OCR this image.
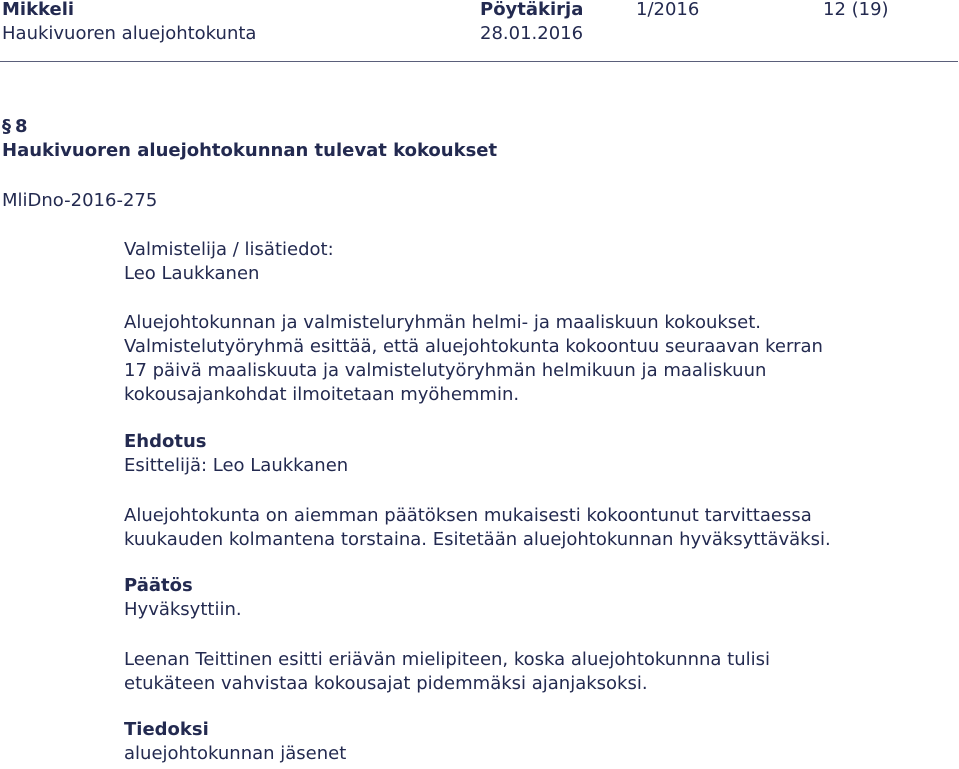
Mikkeli	Pöytäkirja	1/2016	12 (19)
Haukivuoren aluejohtokunta	28.01.2016
§ 8
Haukivuoren aluejohtokunnan tulevat kokoukset
MliDno-2016-275

Valmistelija / lisätiedot:

Leo Laukkanen

Aluejohtokunnan ja valmisteluryhmän helmi- ja maaliskuun kokoukset.

Valmistelutyöryhmä esittää, että aluejohtokunta kokoontuu seuraavan kerran

17 päivä maaliskuuta ja valmistelutyöryhmän helmikuun ja maaliskuun

kokousajankohdat ilmoitetaan myöhemmin.

Ehdotus

Esittelijä: Leo Laukkanen

Aluejohtokunta on aiemman päätöksen mukaisesti kokoontunut tarvittaessa

kuukauden kolmantena torstaina. Esitetään aluejohtokunnan hyväksyttäväksi.

Päätös

Hyväksyttiin.

Leenan Teittinen esitti eriävän mielipiteen, koska aluejohtokunnna tulisi

etukäteen vahvistaa kokousajat pidemmäksi ajanjaksoksi.

Tiedoksi

aluejohtokunnan jäsenet
